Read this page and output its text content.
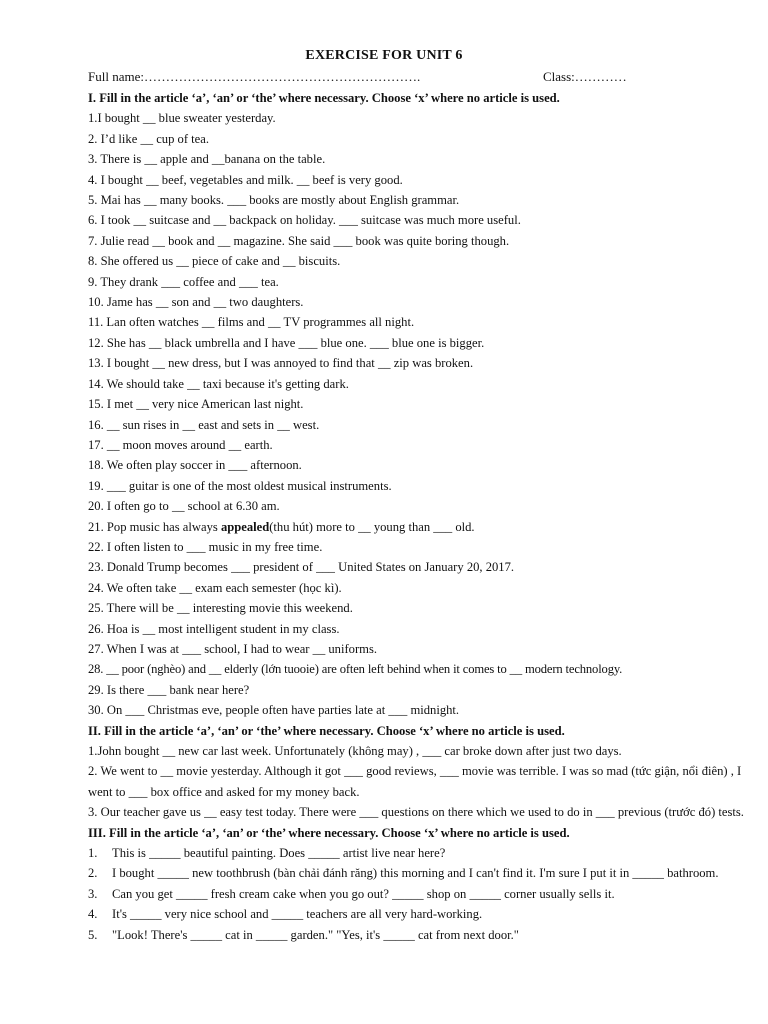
EXERCISE FOR UNIT 6
Full name:……………………………………………………….	Class:…………
I. Fill in the article ‘a’, ‘an’ or ‘the’ where necessary. Choose ‘x’ where no article is used.
1.I bought __ blue sweater yesterday.
2. I’d like __ cup of tea.
3. There is __ apple and __banana on the table.
4. I bought __ beef, vegetables and milk. __ beef is very good.
5. Mai has __ many books. ___ books are mostly about English grammar.
6. I took __ suitcase and __ backpack on holiday. ___ suitcase was much more useful.
7. Julie read __ book and __ magazine. She said ___ book was quite boring though.
8. She offered us __ piece of cake and __ biscuits.
9. They drank ___ coffee and ___ tea.
10. Jame has __ son and __ two daughters.
11. Lan often watches __ films and __ TV programmes all night.
12. She has __ black umbrella and I have ___ blue one. ___ blue one is bigger.
13. I bought __ new dress, but I was annoyed to find that __ zip was broken.
14. We should take __ taxi because it's getting dark.
15. I met __ very nice American last night.
16. __ sun rises in __ east and sets in __ west.
17. __ moon moves around __ earth.
18. We often play soccer in ___ afternoon.
19. ___ guitar is one of the most oldest musical instruments.
20. I often go to __ school at 6.30 am.
21. Pop music has always appealed(thu hút) more to __ young than ___ old.
22. I often listen to ___ music in my free time.
23. Donald Trump becomes ___ president of ___ United States on January 20, 2017.
24. We often take __ exam each semester (học kì).
25. There will be __ interesting movie this weekend.
26. Hoa is __ most intelligent student in my class.
27. When I was at ___ school, I had to wear __ uniforms.
28. __ poor (nghèo) and __ elderly (lớn tuooie) are often left behind when it comes to __ modern technology.
29. Is there ___ bank near here?
30. On ___ Christmas eve, people often have parties late at ___ midnight.
II. Fill in the article ‘a’, ‘an’ or ‘the’ where necessary. Choose ‘x’ where no article is used.
1.John bought __ new car last week. Unfortunately (không may) , ___ car broke down after just two days.
2. We went to __ movie yesterday. Although it got ___ good reviews, ___ movie was terrible. I was so mad (tức giận, nổi điên) , I went to ___ box office and asked for my money back.
3. Our teacher gave us __ easy test today. There were ___ questions on there which we used to do in ___ previous (trước đó) tests.
III. Fill in the article ‘a’, ‘an’ or ‘the’ where necessary. Choose ‘x’ where no article is used.
1.	This is _____ beautiful painting. Does _____ artist live near here?
2.	I bought _____ new toothbrush (bàn chải đánh răng) this morning and I can't find it. I'm sure I put it in _____ bathroom.
3.	Can you get _____ fresh cream cake when you go out? _____ shop on _____ corner usually sells it.
4.	It's _____ very nice school and _____ teachers are all very hard-working.
5.	"Look! There's _____ cat in _____ garden." "Yes, it's _____ cat from next door."
